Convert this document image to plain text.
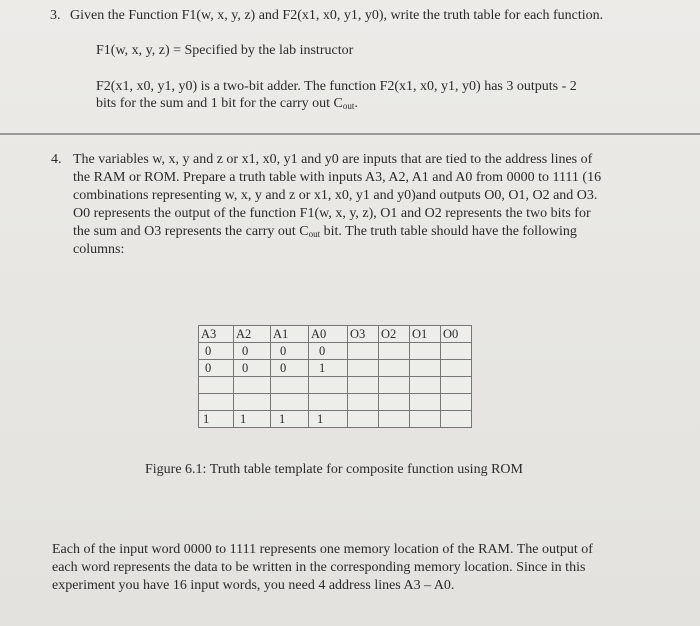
3. Given the Function F1(w, x, y, z) and F2(x1, x0, y1, y0), write the truth table for each function.
F1(w, x, y, z) = Specified by the lab instructor
F2(x1, x0, y1, y0) is a two-bit adder. The function F2(x1, x0, y1, y0) has 3 outputs - 2
bits for the sum and 1 bit for the carry out $C_{out}$.
4. The variables w, x, y and z or x1, x0, y1 and y0 are inputs that are tied to the address lines of
the RAM or ROM. Prepare a truth table with inputs A3, A2, A1 and A0 from 0000 to 1111 (16
combinations representing w, x, y and z or x1, x0, y1 and y0)and outputs O0, O1, O2 and O3.
O0 represents the output of the function F1(w, x, y, z), O1 and O2 represents the two bits for
the sum and O3 represents the carry out $C_{out}$ bit. The truth table should have the following
columns:
A3	A2	A1	A0	O3	O2	O1	O0
0	0	0	0				
0	0	0	1				

1	1	1	1				
Figure 6.1: Truth table template for composite function using ROM
Each of the input word 0000 to 1111 represents one memory location of the RAM. The output of
each word represents the data to be written in the corresponding memory location. Since in this
experiment you have 16 input words, you need 4 address lines A3 – A0.
